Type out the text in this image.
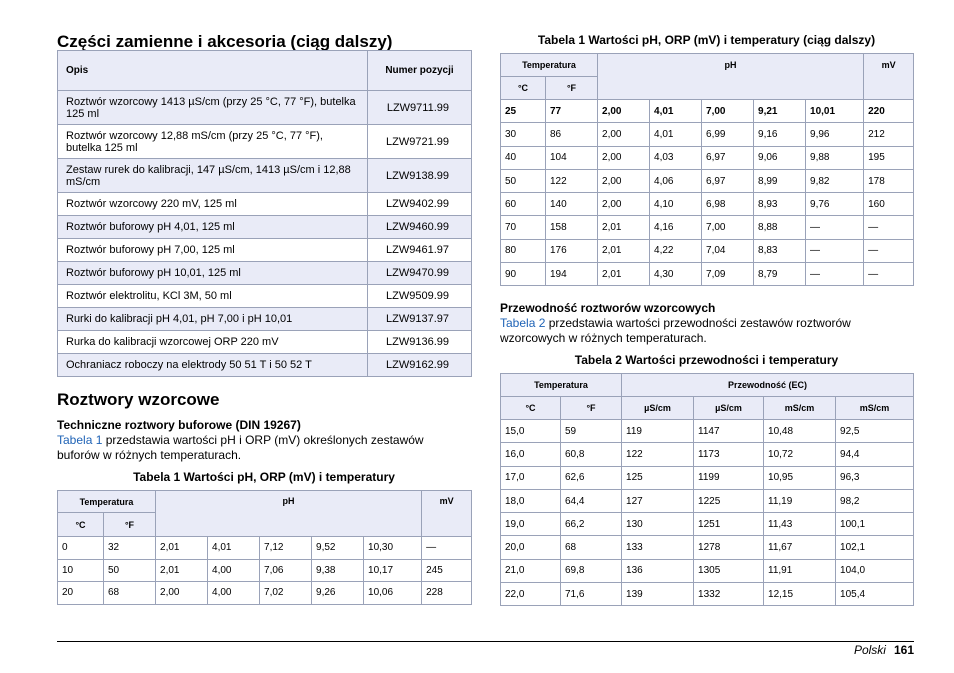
Części zamienne i akcesoria (ciąg dalszy)
Opis	Numer pozycji
Roztwór wzorcowy 1413 µS/cm (przy 25 °C, 77 °F), butelka 125 ml	LZW9711.99
Roztwór wzorcowy 12,88 mS/cm (przy 25 °C, 77 °F), butelka 125 ml	LZW9721.99
Zestaw rurek do kalibracji, 147 µS/cm, 1413 µS/cm i 12,88 mS/cm	LZW9138.99
Roztwór wzorcowy 220 mV, 125 ml	LZW9402.99
Roztwór buforowy pH 4,01, 125 ml	LZW9460.99
Roztwór buforowy pH 7,00, 125 ml	LZW9461.97
Roztwór buforowy pH 10,01, 125 ml	LZW9470.99
Roztwór elektrolitu, KCl 3M, 50 ml	LZW9509.99
Rurki do kalibracji pH 4,01, pH 7,00 i pH 10,01	LZW9137.97
Rurka do kalibracji wzorcowej ORP 220 mV	LZW9136.99
Ochraniacz roboczy na elektrody 50 51 T i 50 52 T	LZW9162.99
Roztwory wzorcowe
Techniczne roztwory buforowe (DIN 19267)
Tabela 1 przedstawia wartości pH i ORP (mV) określonych zestawów buforów w różnych temperaturach.
Tabela 1 Wartości pH, ORP (mV) i temperatury
Temperatura		pH					mV
°C	°F						
0	32	2,01	4,01	7,12	9,52	10,30	—
10	50	2,01	4,00	7,06	9,38	10,17	245
20	68	2,00	4,00	7,02	9,26	10,06	228
Tabela 1 Wartości pH, ORP (mV) i temperatury (ciąg dalszy)
Temperatura		pH					mV
°C	°F						
25	77	2,00	4,01	7,00	9,21	10,01	220
30	86	2,00	4,01	6,99	9,16	9,96	212
40	104	2,00	4,03	6,97	9,06	9,88	195
50	122	2,00	4,06	6,97	8,99	9,82	178
60	140	2,00	4,10	6,98	8,93	9,76	160
70	158	2,01	4,16	7,00	8,88	—	—
80	176	2,01	4,22	7,04	8,83	—	—
90	194	2,01	4,30	7,09	8,79	—	—
Przewodność roztworów wzorcowych
Tabela 2 przedstawia wartości przewodności zestawów roztworów wzorcowych w różnych temperaturach.
Tabela 2 Wartości przewodności i temperatury
Temperatura		Przewodność (EC)			
°C	°F	µS/cm	µS/cm	mS/cm	mS/cm
15,0	59	119	1147	10,48	92,5
16,0	60,8	122	1173	10,72	94,4
17,0	62,6	125	1199	10,95	96,3
18,0	64,4	127	1225	11,19	98,2
19,0	66,2	130	1251	11,43	100,1
20,0	68	133	1278	11,67	102,1
21,0	69,8	136	1305	11,91	104,0
22,0	71,6	139	1332	12,15	105,4
Polski 161
